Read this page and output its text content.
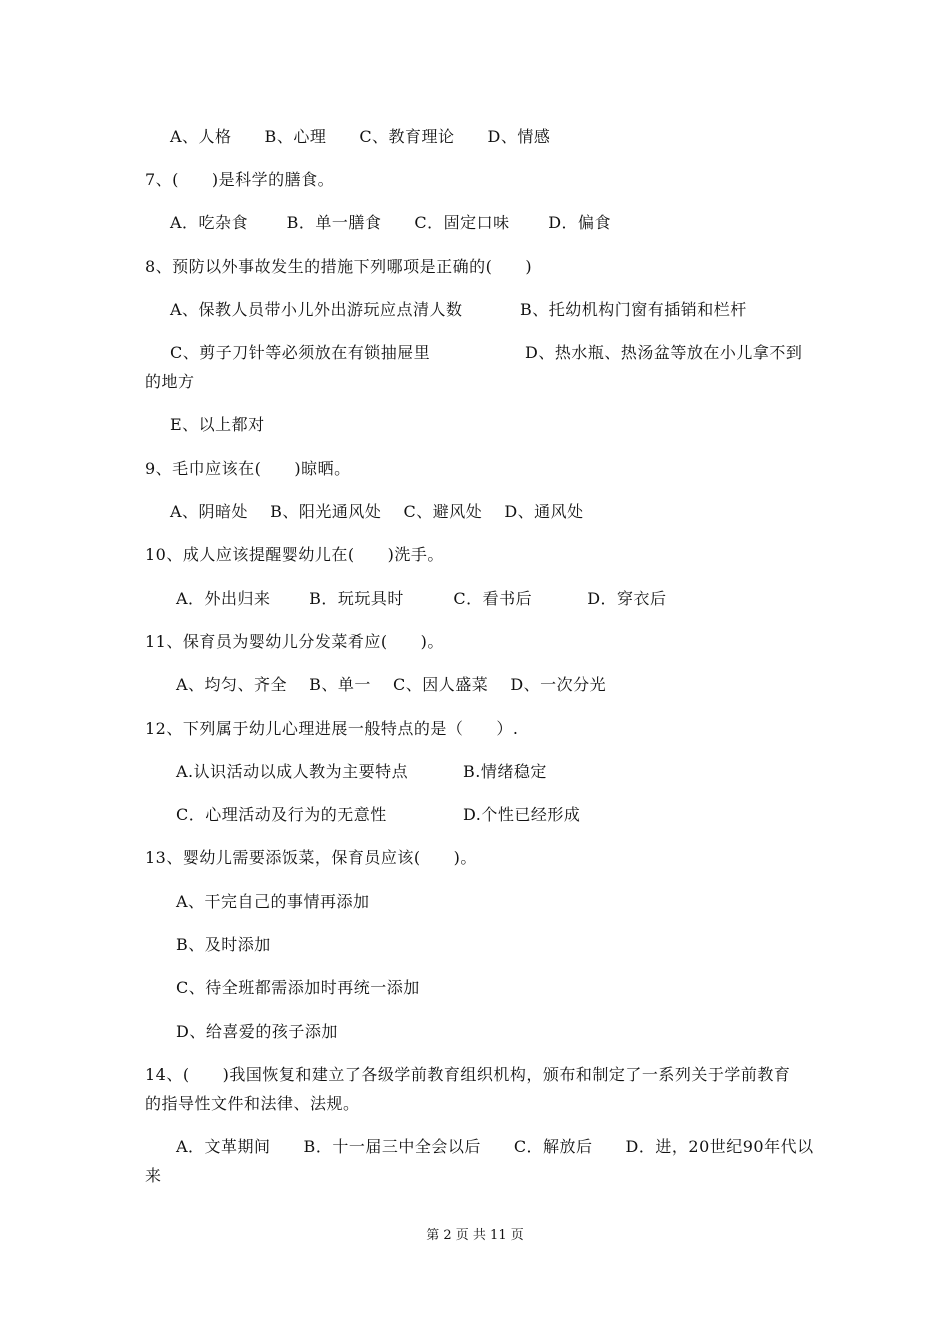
A、人格　　B、心理　　C、教育理论　　D、情感

7、(　　)是科学的膳食。

A．吃杂食　　 B．单一膳食　　C．固定口味　　 D．偏食

8、预防以外事故发生的措施下列哪项是正确的(　　)

A、保教人员带小儿外出游玩应点清人数

	B、托幼机构门窗有插销和栏杆

C、剪子刀针等必须放在有锁抽屉里

	D、热水瓶、热汤盆等放在小儿拿不到

的地方

E、以上都对

9、毛巾应该在(　　)晾晒。

A、阴暗处　 B、阳光通风处　 C、避风处　 D、通风处

10、成人应该提醒婴幼儿在(　　)洗手。

A．外出归来　　 B．玩玩具时　　　C．看书后　　　 D．穿衣后

11、保育员为婴幼儿分发菜肴应(　　)。

A、均匀、齐全　 B、单一　 C、因人盛菜　 D、一次分光

12、下列属于幼儿心理进展一般特点的是（　　）.

A.认识活动以成人教为主要特点

	B.情绪稳定

C．心理活动及行为的无意性

	D.个性已经形成

13、婴幼儿需要添饭菜，保育员应该(　　)。

A、干完自己的事情再添加

B、及时添加

C、待全班都需添加时再统一添加

D、给喜爱的孩子添加

14、(　　)我国恢复和建立了各级学前教育组织机构，颁布和制定了一系列关于学前教育

的指导性文件和法律、法规。

A．文革期间　　B．十一届三中全会以后　　C．解放后　　D．进，20世纪90年代以

来

第 2 页 共 11 页
